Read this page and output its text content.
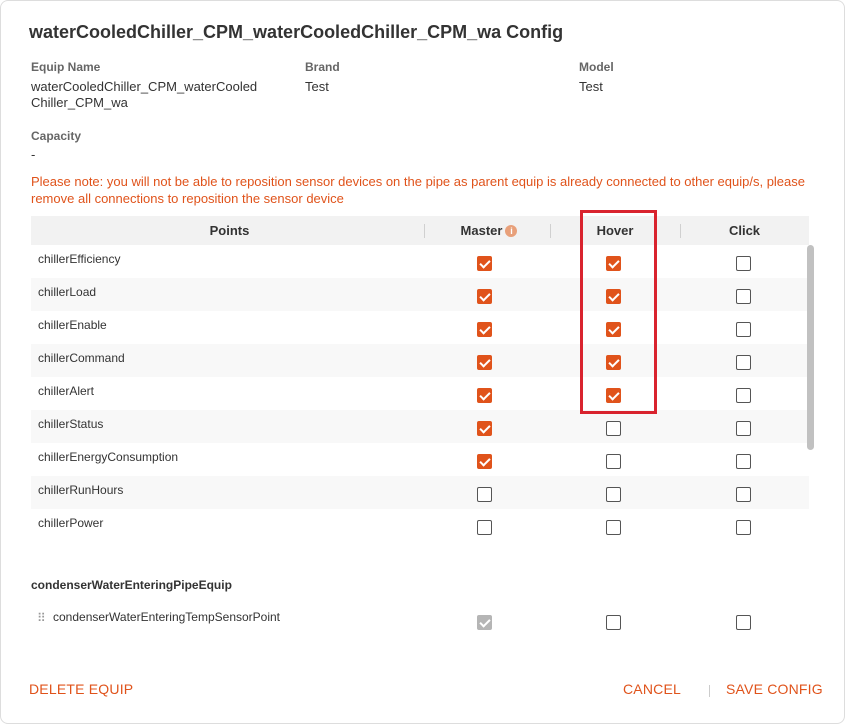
waterCooledChiller_CPM_waterCooledChiller_CPM_wa Config
Equip Name
waterCooledChiller_CPM_waterCooled
Chiller_CPM_wa
Brand
Test
Model
Test
Capacity
-
Please note: you will not be able to reposition sensor devices on the pipe as parent equip is already connected to other equip/s, please remove all connections to reposition the sensor device
Points	Master i	Hover	Click
chillerEfficiency
chillerLoad
chillerEnable
chillerCommand
chillerAlert
chillerStatus
chillerEnergyConsumption
chillerRunHours
chillerPower
condenserWaterEnteringPipeEquip
⠿ condenserWaterEnteringTempSensorPoint
DELETE EQUIP	CANCEL	SAVE CONFIG
